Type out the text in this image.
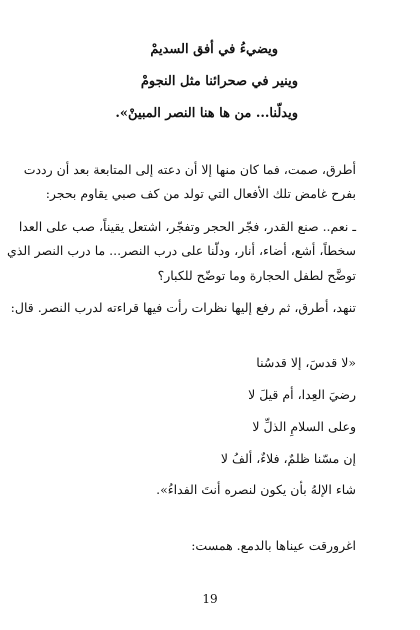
ويضيءُ في أفق السديمْ

وينير في صحرائنا مثل النجومْ

ويدلّنا... من ها هنا النصر المبينْ».

أطرق، صمت، فما كان منها إلا أن دعته إلى المتابعة بعد أن رددت

بفرح غامض تلك الأفعال التي تولد من كف صبي يقاوم بحجر:

ـ نعم.. صنع القدر، فجّر الحجر وتفجّر، اشتعل يقيناً، صب على العدا

سخطاً، أشع، أضاء، أنار، ودلّنا على درب النصر... ما درب النصر الذي

توضَّح لطفل الحجارة وما توضّح للكبار؟

تنهد، أطرق، ثم رفع إليها نظرات رأت فيها قراءته لدرب النصر. قال:

«لا قدسَ، إلا قدسُنا

رضيَ العِدا، أم قيلَ لا

وعلى السلامِ الذلِّ لا

إن مسّنا ظلمٌ، فلاءٌ، ألفُ لا

شاء الإلهُ بأن يكون لنصره أنتَ الفداءُ».

اغرورقت عيناها بالدمع. همست:

19
